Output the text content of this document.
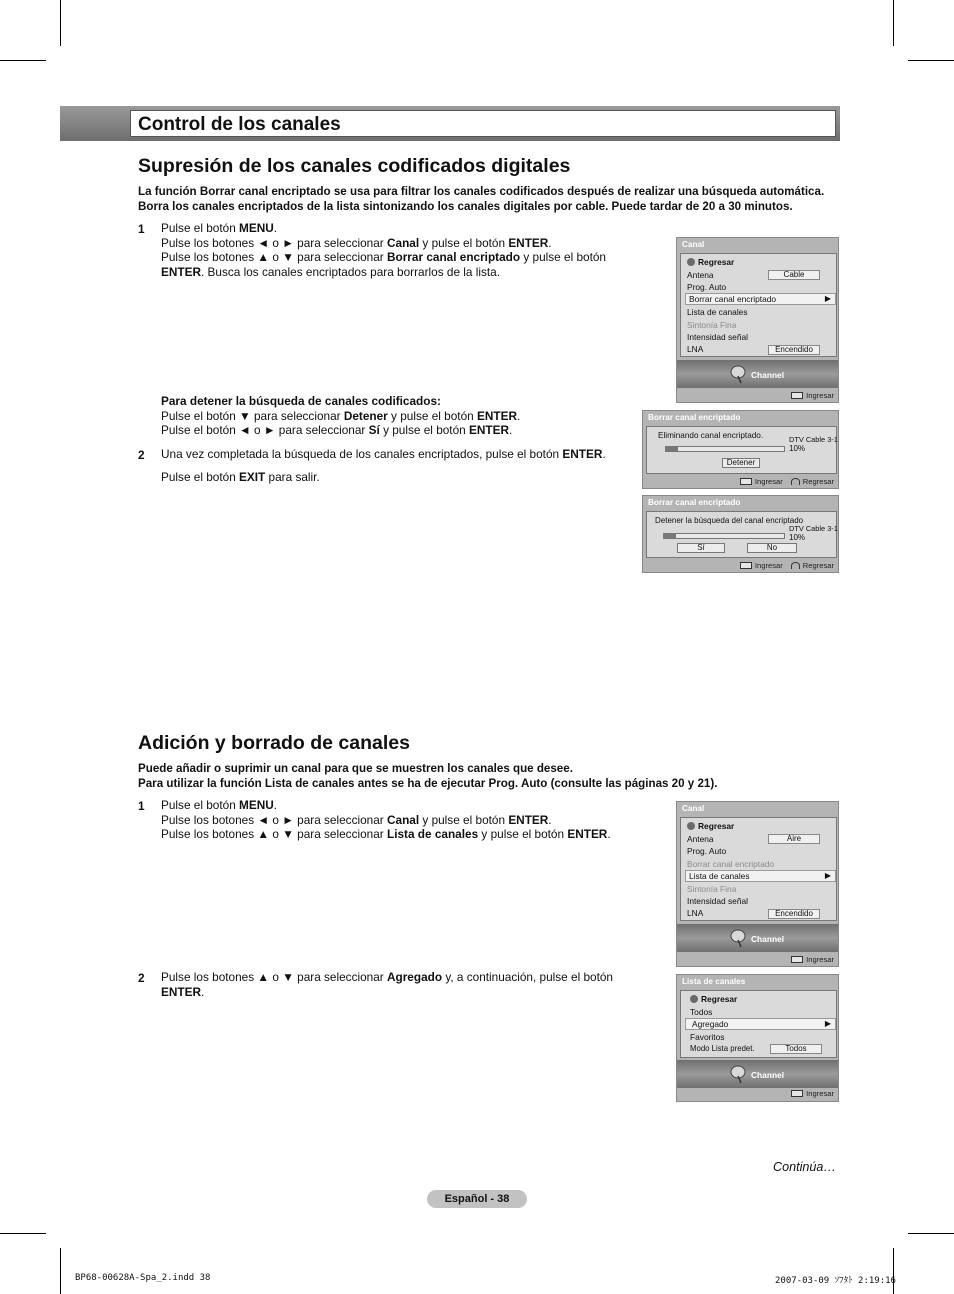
Control de los canales
Supresión de los canales codificados digitales
La función Borrar canal encriptado se usa para filtrar los canales codificados después de realizar una búsqueda automática.
Borra los canales encriptados de la lista sintonizando los canales digitales por cable. Puede tardar de 20 a 30 minutos.
1 Pulse el botón MENU.
Pulse los botones ◄ o ► para seleccionar Canal y pulse el botón ENTER.
Pulse los botones ▲ o ▼ para seleccionar Borrar canal encriptado y pulse el botón
ENTER. Busca los canales encriptados para borrarlos de la lista.
Para detener la búsqueda de canales codificados:
Pulse el botón ▼ para seleccionar Detener y pulse el botón ENTER.
Pulse el botón ◄ o ► para seleccionar Sí y pulse el botón ENTER.
2 Una vez completada la búsqueda de los canales encriptados, pulse el botón ENTER.
Pulse el botón EXIT para salir.
Canal
Regresar
Antena	Cable
Prog. Auto
Borrar canal encriptado	▶
Lista de canales
Sintonía Fina
Intensidad señal
LNA	Encendido
Channel
Ingresar
Borrar canal encriptado
Eliminando canal encriptado.	DTV Cable 3-1
10%
Detener
Ingresar	Regresar
Borrar canal encriptado
Detener la búsqueda del canal encriptado
DTV Cable 3-1
10%
Sí	No
Ingresar	Regresar
Adición y borrado de canales
Puede añadir o suprimir un canal para que se muestren los canales que desee.
Para utilizar la función Lista de canales antes se ha de ejecutar Prog. Auto (consulte las páginas 20 y 21).
1 Pulse el botón MENU.
Pulse los botones ◄ o ► para seleccionar Canal y pulse el botón ENTER.
Pulse los botones ▲ o ▼ para seleccionar Lista de canales y pulse el botón ENTER.
2 Pulse los botones ▲ o ▼ para seleccionar Agregado y, a continuación, pulse el botón
ENTER.
Canal
Regresar
Antena	Aire
Prog. Auto
Borrar canal encriptado
Lista de canales	▶
Sintonía Fina
Intensidad señal
LNA	Encendido
Channel
Ingresar
Lista de canales
Regresar
Todos
Agregado	▶
Favoritos
Modo Lista predet.	Todos
Channel
Ingresar
Continúa…
Español - 38
BP68-00628A-Spa_2.indd 38	2007-03-09 ｿﾌﾀﾄ 2:19:16
